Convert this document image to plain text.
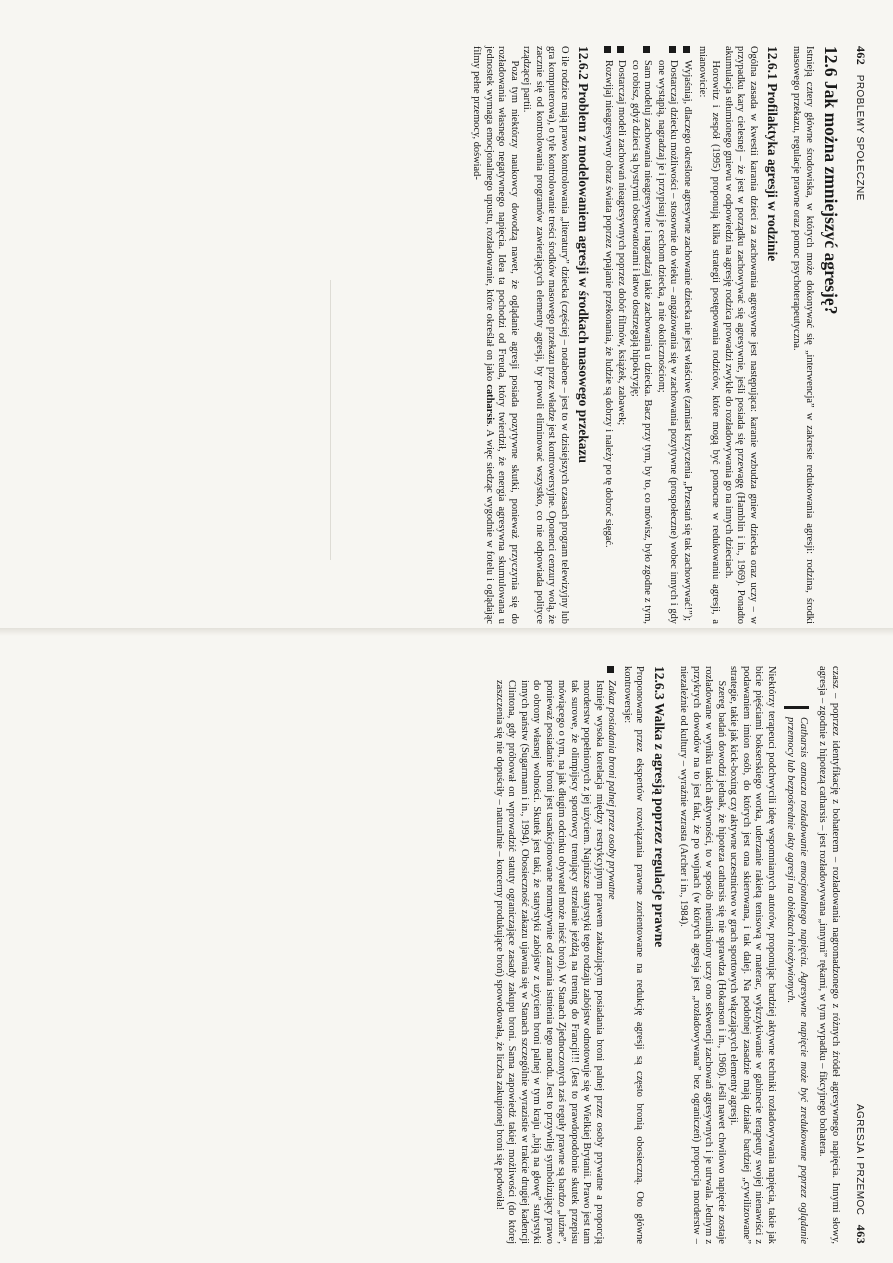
462   PROBLEMY SPOŁECZNE
12.6 Jak można zmniejszyć agresję?

Istnieją cztery główne środowiska, w których może dokonywać się „interwencja” w zakresie redukowania agresji: rodzina, środki masowego przekazu, regulacje prawne oraz pomoc psychoterapeutyczna.

12.6.1 Profilaktyka agresji w rodzinie

Ogólna zasada w kwestii karania dzieci za zachowania agresywne jest następująca: karanie wzbudza gniew dziecka oraz uczy – w przypadku kary cielesnej – że jest w porządku zachowywać się agresywnie, jeśli posiada się przewagę (Hamblin i in., 1969). Ponadto akumulacja stłumionego gniewu w odpowiedzi na agresję rodzica prowadzi zwykle do rozładowywania go na innych dzieciach.

Horowitz i zespół (1995) proponują kilka strategii postępowania rodziców, które mogą być pomocne w redukowaniu agresji, a mianowicie:

Wyjaśniaj, dlaczego określone agresywne zachowanie dziecka nie jest właściwe (zamiast krzyczenia „Przestań się tak zachowywać!”);
Dostarczaj dziecku możliwości – stosownie do wieku – angażowania się w zachowania pozytywne (prospołeczne) wobec innych i gdy one wystąpią, nagradzaj je i przypisuj je cechom dziecka, a nie okolicznościom;
Sam modeluj zachowania nieagresywne i nagradzaj takie zachowania u dziecka. Bacz przy tym, by to, co mówisz, było zgodne z tym, co robisz, gdyż dzieci są bystrymi obserwatorami i łatwo dostrzegają hipokryzję;
Dostarczaj modeli zachowań nieagresywnych poprzez dobór filmów, książek, zabawek;
Rozwijaj nieagresywny obraz świata poprzez wpajanie przekonania, że ludzie są dobrzy i należy po tę dobroć sięgać.
12.6.2 Problem z modelowaniem agresji w środkach masowego przekazu

O ile rodzice mają prawo kontrolowania „literatury” dziecka (częściej – notabene – jest to w dzisiejszych czasach program telewizyjny lub gra komputerowa), o tyle kontrolowanie treści środków masowego przekazu przez władze jest kontrowersyjne. Oponenci cenzury wolą, że zacznie się od kontrolowania programów zawierających elementy agresji, by powoli eliminować wszystko, co nie odpowiada polityce rządzącej partii.

Poza tym niektórzy naukowcy dowodzą nawet, że oglądanie agresji posiada pozytywne skutki, ponieważ przyczynia się do rozładowania własnego negatywnego napięcia. Idea ta pochodzi od Freuda, który twierdził, że energia agresywna skumulowana u jednostek wymaga emocjonalnego upustu, rozładowanie, które określał on jako catharsis. A więc siedząc wygodnie w fotelu i oglądając filmy pełne przemocy, doświad-

AGRESJA I PRZEMOC   463

czasz – poprzez identyfikację z bohaterem – rozładowania nagromadzonego z różnych źródeł agresywnego napięcia. Innymi słowy, agresja – zgodnie z hipotezą catharsis – jest rozładowywana „innymi” rękami, w tym wypadku – fikcyjnego bohatera.

Catharsis oznacza rozładowanie emocjonalnego napięcia. Agresywne napięcie może być zredukowane poprzez oglądanie przemocy lub bezpośrednie akty agresji na obiektach nieożywionych.

Niektórzy terapeuci podchwycili ideę wspomnianych autorów, proponując bardziej aktywne techniki rozładowywania napięcia, takie jak bicie pięściami bokserskiego worka, uderzanie rakietą tenisową w materac, wykrzykiwanie w gabinecie terapeuty swojej nienawiści z podawaniem imion osób, do których jest ona skierowana, i tak dalej. Na podobnej zasadzie mają działać bardziej „cywilizowane” strategie, takie jak kick-boxing czy aktywne uczestnictwo w grach sportowych włączających elementy agresji.

Szereg badań dowodzi jednak, że hipoteza catharsis się nie sprawdza (Hokanson i in., 1966). Jeśli nawet chwilowo napięcie zostaje rozładowane w wyniku takich aktywności, to w sposób nieunikniony uczy ono sekwencji zachowań agresywnych i je utrwala. Jednym z przykrych dowodów na to jest fakt, że po wojnach (w których agresja jest „rozładowywana” bez ograniczeń) proporcja morderstw – niezależnie od kultury – wyraźnie wzrasta (Archer i in., 1984).

12.6.3 Walka z agresją poprzez regulacje prawne

Proponowane przez ekspertów rozwiązania prawne zorientowane na redukcję agresji są często bronią obosieczną. Oto główne kontrowersje:

Zakaz posiadania broni palnej przez osoby prywatne
Istnieje wysoka korelacja między restrykcyjnym prawem zakazującym posiadania broni palnej przez osoby prywatne a proporcją morderstw popełnionych z jej użyciem. Najniższe statystyki tego rodzaju zabójstw odnotowuje się w Wielkiej Brytanii. Prawo jest tam tak surowe, że olimpijscy sportowcy trenujący strzelanie jeżdżą na trening do Francji!!! (Jest to prawdopodobnie skutek przepisu mówiącego o tym, na jak długim odcinku obywatel może nieść broń). W Stanach Zjednoczonych zaś reguły prawne są bardzo „luźne”, ponieważ posiadanie broni jest usankcjonowane normatywnie od zarania istnienia tego narodu. Jest to przywilej symbolizujący prawo do obrony własnej wolności. Skutek jest taki, że statystyki zabójstw z użyciem broni palnej w tym kraju „biją na głowę” statystyki innych państw (Sugarmann i in., 1994). Obosieczność zakazu ujawnia się w Stanach szczególnie wyrazistie w trakcie drugiej kadencji Clintona, gdy próbował on wprowadzić statuty ograniczające zasady zakupu broni. Sama zapowiedź takiej możliwości (do której zaszczenia się nie dopuściły – naturalnie – koncerny produkujące broń) spowodowała, że liczba zakupionej broni się podwoiła!
